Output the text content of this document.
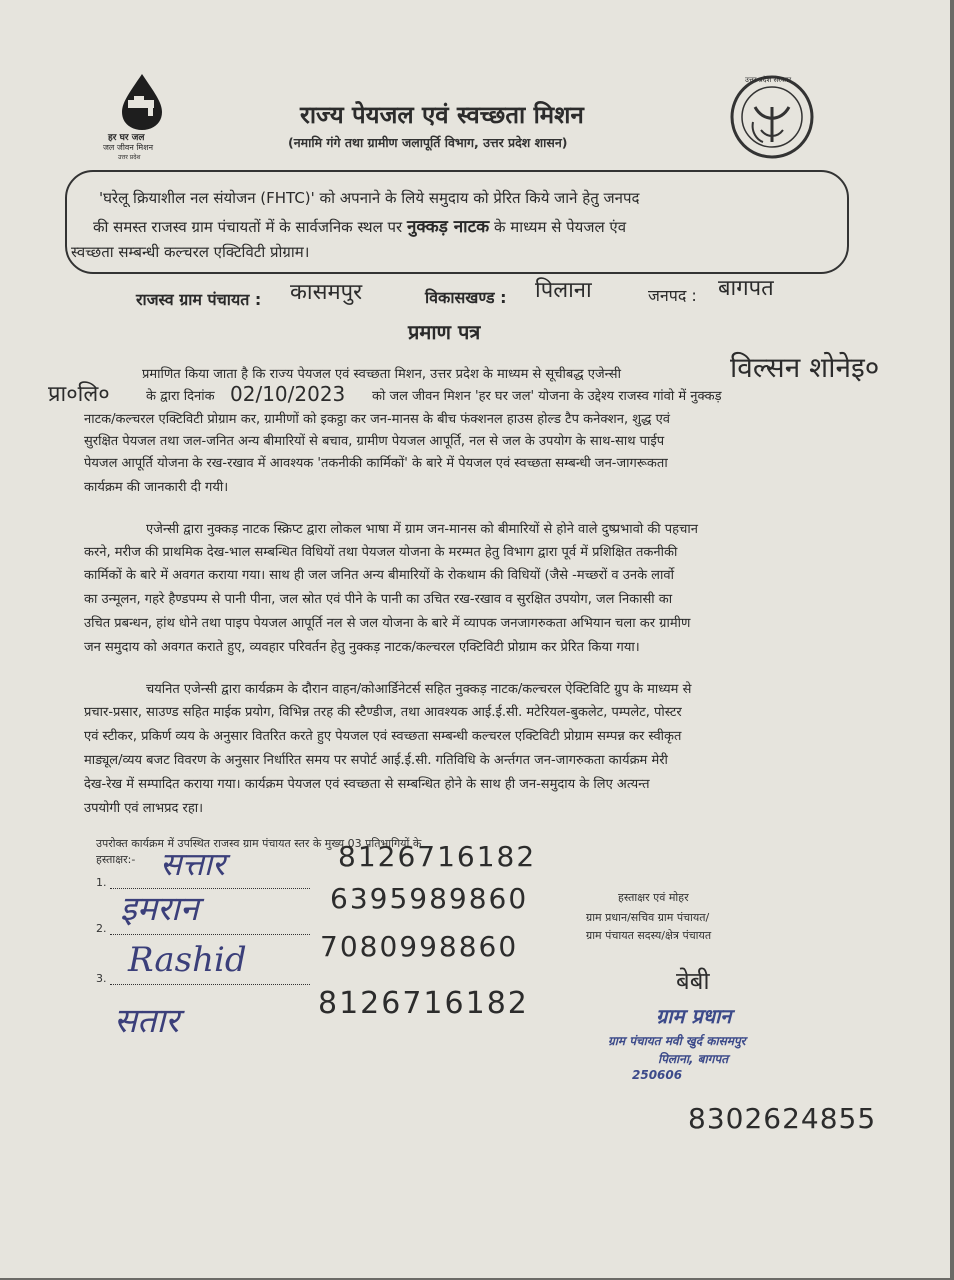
हर घर जल
जल जीवन मिशन
उत्तर प्रदेश
उत्तर प्रदेश सरकार
राज्य पेयजल एवं स्वच्छता मिशन
(नमामि गंगे तथा ग्रामीण जलापूर्ति विभाग, उत्तर प्रदेश शासन)
'घरेलू क्रियाशील नल संयोजन (FHTC)' को अपनाने के लिये समुदाय को प्रेरित किये जाने हेतु जनपद
की समस्त राजस्व ग्राम पंचायतों में के सार्वजनिक स्थल पर नुक्कड़ नाटक के माध्यम से पेयजल एंव
स्वच्छता सम्बन्धी कल्चरल एक्टिविटी प्रोग्राम।
राजस्व ग्राम पंचायत : कासमपुर	विकासखण्ड : पिलाना	जनपद : बागपत
प्रमाण पत्र
विल्सन शोनेइ०
प्रा०लि०	02/10/2023
प्रमाणित किया जाता है कि राज्य पेयजल एवं स्वच्छता मिशन, उत्तर प्रदेश के माध्यम से सूचीबद्ध एजेन्सी
के द्वारा दिनांक	को जल जीवन मिशन 'हर घर जल' योजना के उद्देश्य राजस्व गांवो में नुक्कड़
नाटक/कल्चरल एक्टिविटी प्रोग्राम कर, ग्रामीणों को इकट्ठा कर जन-मानस के बीच फंक्शनल हाउस होल्ड टैप कनेक्शन, शुद्ध एवं
सुरक्षित पेयजल तथा जल-जनित अन्य बीमारियों से बचाव, ग्रामीण पेयजल आपूर्ति, नल से जल के उपयोग के साथ-साथ पाईप
पेयजल आपूर्ति योजना के रख-रखाव में आवश्यक 'तकनीकी कार्मिकों' के बारे में पेयजल एवं स्वच्छता सम्बन्धी जन-जागरूकता
कार्यक्रम की जानकारी दी गयी।
एजेन्सी द्वारा नुक्कड़ नाटक स्क्रिप्ट द्वारा लोकल भाषा में ग्राम जन-मानस को बीमारियों से होने वाले दुष्प्रभावो की पहचान
करने, मरीज की प्राथमिक देख-भाल सम्बन्धित विधियों तथा पेयजल योजना के मरम्मत हेतु विभाग द्वारा पूर्व में प्रशिक्षित तकनीकी
कार्मिकों के बारे में अवगत कराया गया। साथ ही जल जनित अन्य बीमारियों के रोकथाम की विधियों (जैसे -मच्छरों व उनके लार्वो
का उन्मूलन, गहरे हैण्डपम्प से पानी पीना, जल स्रोत एवं पीने के पानी का उचित रख-रखाव व सुरक्षित उपयोग, जल निकासी का
उचित प्रबन्धन, हांथ धोने तथा पाइप पेयजल आपूर्ति नल से जल योजना के बारे में व्यापक जनजागरुकता अभियान चला कर ग्रामीण
जन समुदाय को अवगत कराते हुए, व्यवहार परिवर्तन हेतु नुक्कड़ नाटक/कल्चरल एक्टिविटी प्रोग्राम कर प्रेरित किया गया।
चयनित एजेन्सी द्वारा कार्यक्रम के दौरान वाहन/कोआर्डिनेटर्स सहित नुक्कड़ नाटक/कल्चरल ऐक्टिविटि ग्रुप के माध्यम से
प्रचार-प्रसार, साउण्ड सहित माईक प्रयोग, विभिन्न तरह की स्टैण्डीज, तथा आवश्यक आई.ई.सी. मटेरियल-बुकलेट, पम्पलेट, पोस्टर
एवं स्टीकर, प्रकिर्ण व्यय के अनुसार वितरित करते हुए पेयजल एवं स्वच्छता सम्बन्धी कल्चरल एक्टिविटी प्रोग्राम सम्पन्न कर स्वीकृत
माड्यूल/व्यय बजट विवरण के अनुसार निर्धारित समय पर सपोर्ट आई.ई.सी. गतिविधि के अर्न्तगत जन-जागरुकता कार्यक्रम मेरी
देख-रेख में सम्पादित कराया गया। कार्यक्रम पेयजल एवं स्वच्छता से सम्बन्धित होने के साथ ही जन-समुदाय के लिए अत्यन्त
उपयोगी एवं लाभप्रद रहा।
उपरोक्त कार्यक्रम में उपस्थित राजस्व ग्राम पंचायत स्तर के मुख्य 03 प्रतिभागियों के
हस्ताक्षर:-
1. सत्तार	8126716182
2. इमरान	6395989860
3. Rashid	7080998860
सतार	8126716182
हस्ताक्षर एवं मोहर
ग्राम प्रधान/सचिव ग्राम पंचायत/
ग्राम पंचायत सदस्य/क्षेत्र पंचायत
बेबी
ग्राम प्रधान
ग्राम पंचायत मवी खुर्द कासमपुर
पिलाना, बागपत
250606
8302624855
